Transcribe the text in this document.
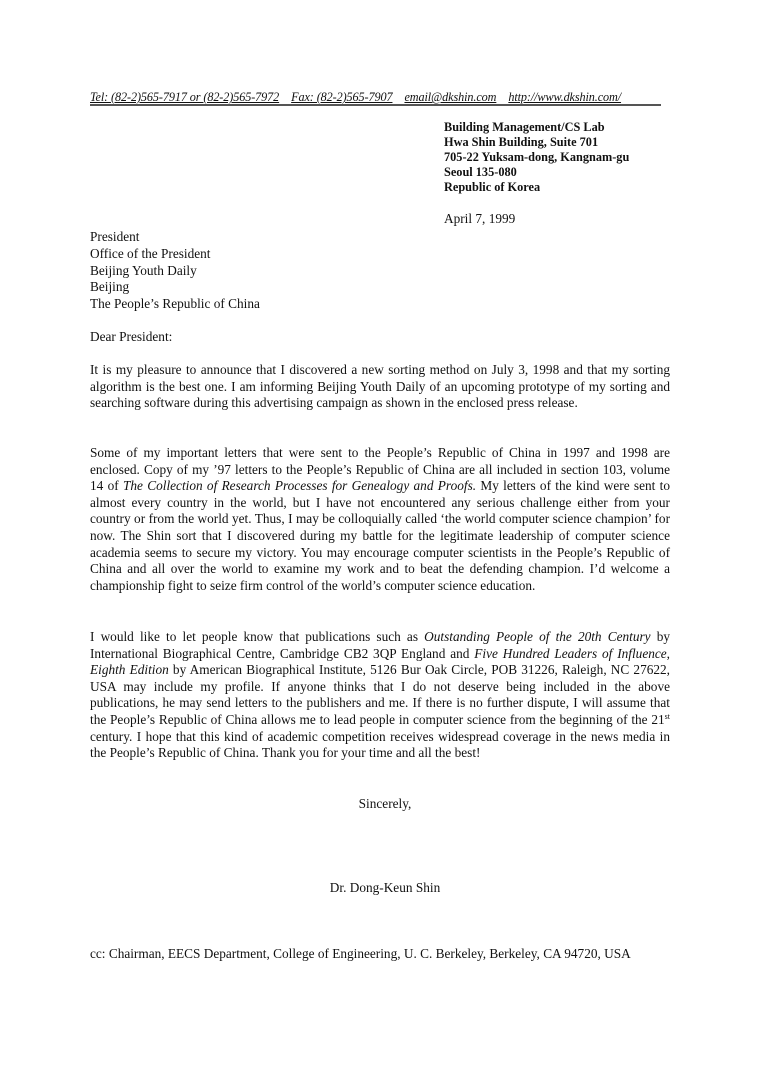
Tel: (82-2)565-7917 or (82-2)565-7972 Fax: (82-2)565-7907 email@dkshin.com http://www.dkshin.com/
Building Management/CS Lab
Hwa Shin Building, Suite 701
705-22 Yuksam-dong, Kangnam-gu
Seoul 135-080
Republic of Korea
April 7, 1999
President
Office of the President
Beijing Youth Daily
Beijing
The People’s Republic of China
Dear President:
It is my pleasure to announce that I discovered a new sorting method on July 3, 1998 and that my sorting algorithm is the best one. I am informing Beijing Youth Daily of an upcoming prototype of my sorting and searching software during this advertising campaign as shown in the enclosed press release.
Some of my important letters that were sent to the People’s Republic of China in 1997 and 1998 are enclosed. Copy of my ’97 letters to the People’s Republic of China are all included in section 103, volume 14 of The Collection of Research Processes for Genealogy and Proofs. My letters of the kind were sent to almost every country in the world, but I have not encountered any serious challenge either from your country or from the world yet. Thus, I may be colloquially called ‘the world computer science champion’ for now. The Shin sort that I discovered during my battle for the legitimate leadership of computer science academia seems to secure my victory. You may encourage computer scientists in the People’s Republic of China and all over the world to examine my work and to beat the defending champion. I’d welcome a championship fight to seize firm control of the world’s computer science education.
I would like to let people know that publications such as Outstanding People of the 20th Century by International Biographical Centre, Cambridge CB2 3QP England and Five Hundred Leaders of Influence, Eighth Edition by American Biographical Institute, 5126 Bur Oak Circle, POB 31226, Raleigh, NC 27622, USA may include my profile. If anyone thinks that I do not deserve being included in the above publications, he may send letters to the publishers and me. If there is no further dispute, I will assume that the People’s Republic of China allows me to lead people in computer science from the beginning of the 21st century. I hope that this kind of academic competition receives widespread coverage in the news media in the People’s Republic of China. Thank you for your time and all the best!
Sincerely,
Dr. Dong-Keun Shin
cc: Chairman, EECS Department, College of Engineering, U. C. Berkeley, Berkeley, CA 94720, USA
